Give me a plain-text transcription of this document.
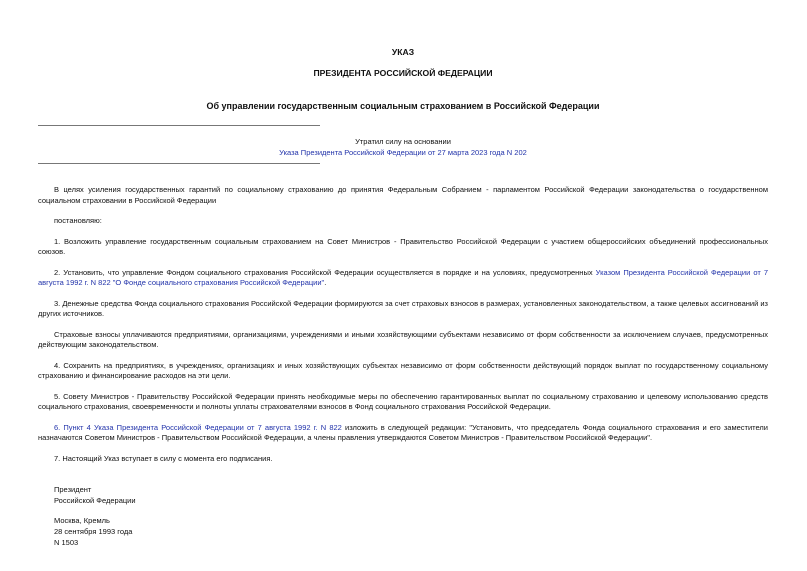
УКАЗ
ПРЕЗИДЕНТА РОССИЙСКОЙ ФЕДЕРАЦИИ
Об управлении государственным социальным страхованием в Российской Федерации
Утратил силу на основании
Указа Президента Российской Федерации от 27 марта 2023 года N 202
В целях усиления государственных гарантий по социальному страхованию до принятия Федеральным Собранием - парламентом Российской Федерации законодательства о государственном социальном страховании в Российской Федерации
постановляю:
1. Возложить управление государственным социальным страхованием на Совет Министров - Правительство Российской Федерации с участием общероссийских объединений профессиональных союзов.
2. Установить, что управление Фондом социального страхования Российской Федерации осуществляется в порядке и на условиях, предусмотренных Указом Президента Российской Федерации от 7 августа 1992 г. N 822 "О Фонде социального страхования Российской Федерации".
3. Денежные средства Фонда социального страхования Российской Федерации формируются за счет страховых взносов в размерах, установленных законодательством, а также целевых ассигнований из других источников.
Страховые взносы уплачиваются предприятиями, организациями, учреждениями и иными хозяйствующими субъектами независимо от форм собственности за исключением случаев, предусмотренных действующим законодательством.
4. Сохранить на предприятиях, в учреждениях, организациях и иных хозяйствующих субъектах независимо от форм собственности действующий порядок выплат по государственному социальному страхованию и финансирование расходов на эти цели.
5. Совету Министров - Правительству Российской Федерации принять необходимые меры по обеспечению гарантированных выплат по социальному страхованию и целевому использованию средств социального страхования, своевременности и полноты уплаты страхователями взносов в Фонд социального страхования Российской Федерации.
6. Пункт 4 Указа Президента Российской Федерации от 7 августа 1992 г. N 822 изложить в следующей редакции: "Установить, что председатель Фонда социального страхования и его заместители назначаются Советом Министров - Правительством Российской Федерации, а члены правления утверждаются Советом Министров - Правительством Российской Федерации".
7. Настоящий Указ вступает в силу с момента его подписания.
Президент
Российской Федерации
Москва, Кремль
28 сентября 1993 года
N 1503
